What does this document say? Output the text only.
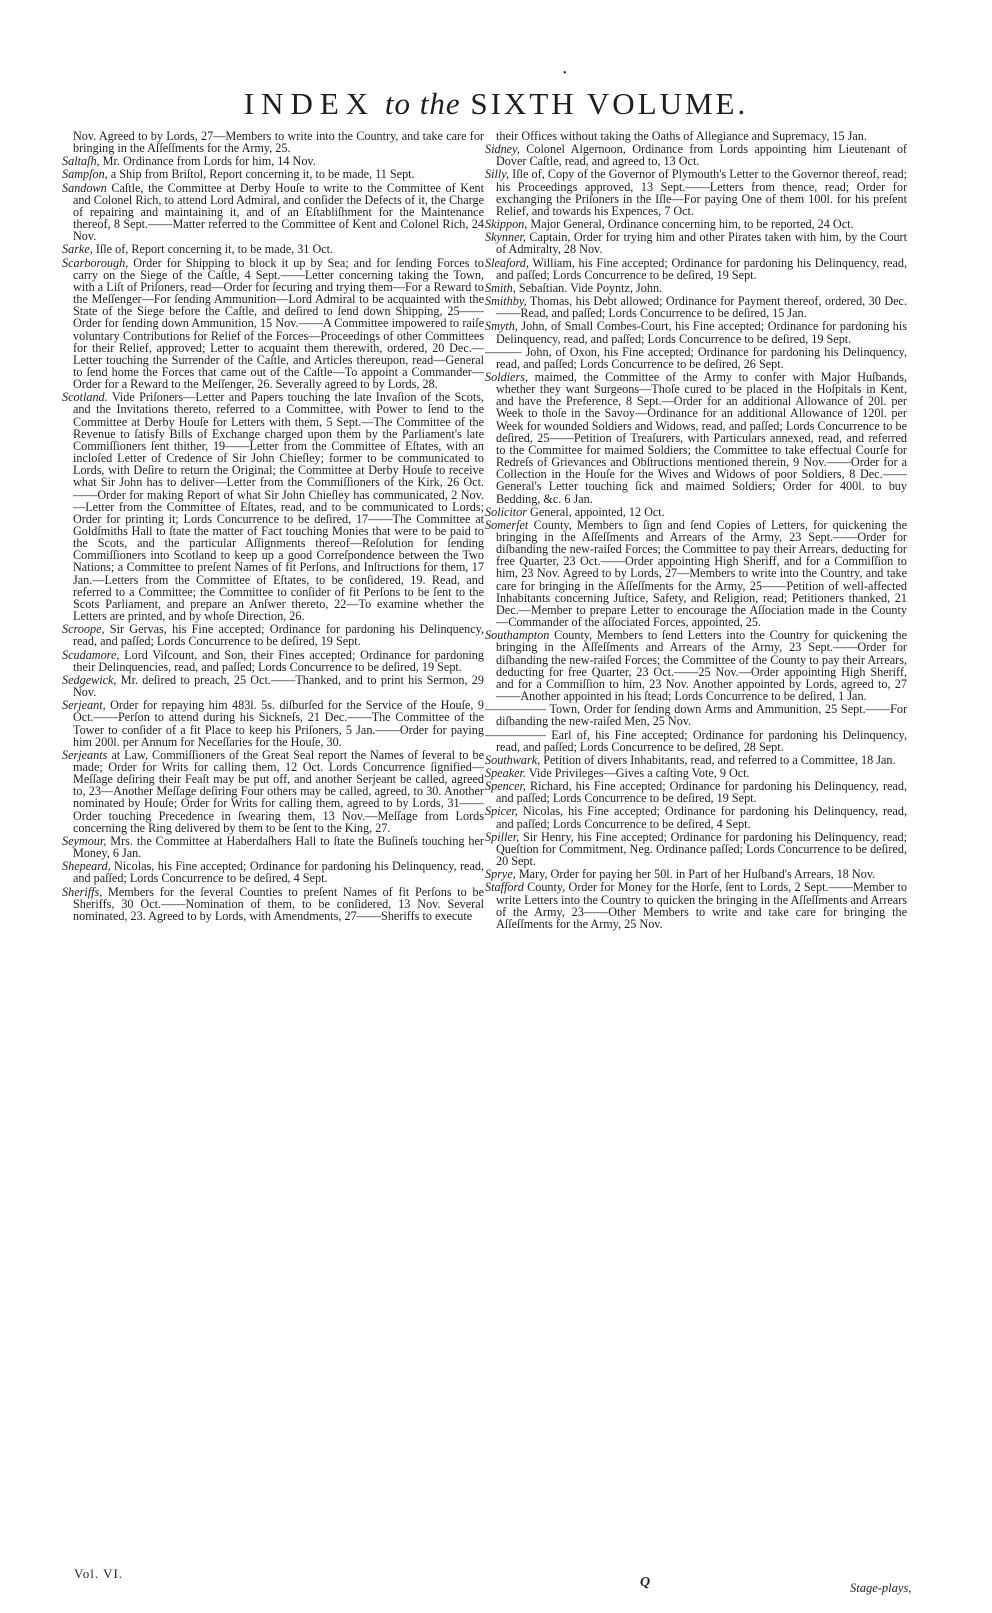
•
INDEX to the SIXTH VOLUME.

Nov. Agreed to by Lords, 27—Members to write into the Country, and take care for bringing in the Aſſeſſments for the Army, 25.

Saltaſh, Mr. Ordinance from Lords for him, 14 Nov.

Sampſon, a Ship from Briſtol, Report concerning it, to be made, 11 Sept.

Sandown Caſtle, the Committee at Derby Houſe to write to the Committee of Kent and Colonel Rich, to attend Lord Admiral, and conſider the Defects of it, the Charge of repairing and maintaining it, and of an Eſtabliſhment for the Maintenance thereof, 8 Sept.——Matter referred to the Committee of Kent and Colonel Rich, 24 Nov.

Sarke, Iſle of, Report concerning it, to be made, 31 Oct.

Scarborough, Order for Shipping to block it up by Sea; and for ſending Forces to carry on the Siege of the Caſtle, 4 Sept.——Letter concerning taking the Town, with a Liſt of Priſoners, read—Order for ſecuring and trying them—For a Reward to the Meſſenger—For ſending Ammunition—Lord Admiral to be acquainted with the State of the Siege before the Caſtle, and deſired to ſend down Shipping, 25——Order for ſending down Ammunition, 15 Nov.——A Committee impowered to raiſe voluntary Contributions for Relief of the Forces—Proceedings of other Committees for their Relief, approved; Letter to acquaint them therewith, ordered, 20 Dec.—Letter touching the Surrender of the Caſtle, and Articles thereupon, read—General to ſend home the Forces that came out of the Caſtle—To appoint a Commander—Order for a Reward to the Meſſenger, 26. Severally agreed to by Lords, 28.

Scotland. Vide Priſoners—Letter and Papers touching the late Invaſion of the Scots, and the Invitations thereto, referred to a Committee, with Power to ſend to the Committee at Derby Houſe for Letters with them, 5 Sept.—The Committee of the Revenue to ſatisfy Bills of Exchange charged upon them by the Parliament's late Commiſſioners ſent thither, 19——Letter from the Committee of Eſtates, with an incloſed Letter of Credence of Sir John Chieſley; former to be communicated to Lords, with Deſire to return the Original; the Committee at Derby Houſe to receive what Sir John has to deliver—Letter from the Commiſſioners of the Kirk, 26 Oct.——Order for making Report of what Sir John Chieſley has communicated, 2 Nov.—Letter from the Committee of Eſtates, read, and to be communicated to Lords; Order for printing it; Lords Concurrence to be deſired, 17——The Committee at Goldſmiths Hall to ſtate the matter of Fact touching Monies that were to be paid to the Scots, and the particular Aſſignments thereof—Reſolution for ſending Commiſſioners into Scotland to keep up a good Correſpondence between the Two Nations; a Committee to preſent Names of fit Perſons, and Inſtructions for them, 17 Jan.—Letters from the Committee of Eſtates, to be conſidered, 19. Read, and referred to a Committee; the Committee to conſider of fit Perſons to be ſent to the Scots Parliament, and prepare an Anſwer thereto, 22—To examine whether the Letters are printed, and by whoſe Direction, 26.

Scroope, Sir Gervas, his Fine accepted; Ordinance for pardoning his Delinquency, read, and paſſed; Lords Concurrence to be deſired, 19 Sept.

Scudamore, Lord Viſcount, and Son, their Fines accepted; Ordinance for pardoning their Delinquencies, read, and paſſed; Lords Concurrence to be deſired, 19 Sept.

Sedgewick, Mr. deſired to preach, 25 Oct.——Thanked, and to print his Sermon, 29 Nov.

Serjeant, Order for repaying him 483l. 5s. diſburſed for the Service of the Houſe, 9 Oct.——Perſon to attend during his Sickneſs, 21 Dec.——The Committee of the Tower to conſider of a fit Place to keep his Priſoners, 5 Jan.——Order for paying him 200l. per Annum for Neceſſaries for the Houſe, 30.

Serjeants at Law, Commiſſioners of the Great Seal report the Names of ſeveral to be made; Order for Writs for calling them, 12 Oct. Lords Concurrence ſignified—Meſſage deſiring their Feaſt may be put off, and another Serjeant be called, agreed to, 23—Another Meſſage deſiring Four others may be called, agreed, to 30. Another nominated by Houſe; Order for Writs for calling them, agreed to by Lords, 31——Order touching Precedence in ſwearing them, 13 Nov.—Meſſage from Lords concerning the Ring delivered by them to be ſent to the King, 27.

Seymour, Mrs. the Committee at Haberdaſhers Hall to ſtate the Buſineſs touching her Money, 6 Jan.

Shepeard, Nicolas, his Fine accepted; Ordinance for pardoning his Delinquency, read, and paſſed; Lords Concurrence to be deſired, 4 Sept.

Sheriffs, Members for the ſeveral Counties to preſent Names of fit Perſons to be Sheriffs, 30 Oct.——Nomination of them, to be conſidered, 13 Nov. Several nominated, 23. Agreed to by Lords, with Amendments, 27——Sheriffs to execute

their Offices without taking the Oaths of Allegiance and Supremacy, 15 Jan.

Sidney, Colonel Algernoon, Ordinance from Lords appointing him Lieutenant of Dover Caſtle, read, and agreed to, 13 Oct.

Silly, Iſle of, Copy of the Governor of Plymouth's Letter to the Governor thereof, read; his Proceedings approved, 13 Sept.——Letters from thence, read; Order for exchanging the Priſoners in the Iſle—For paying One of them 100l. for his preſent Relief, and towards his Expences, 7 Oct.

Skippon, Major General, Ordinance concerning him, to be reported, 24 Oct.

Skynner, Captain, Order for trying him and other Pirates taken with him, by the Court of Admiralty, 28 Nov.

Sleaford, William, his Fine accepted; Ordinance for pardoning his Delinquency, read, and paſſed; Lords Concurrence to be deſired, 19 Sept.

Smith, Sebaſtian. Vide Poyntz, John.

Smithby, Thomas, his Debt allowed; Ordinance for Payment thereof, ordered, 30 Dec.——Read, and paſſed; Lords Concurrence to be deſired, 15 Jan.

Smyth, John, of Small Combes-Court, his Fine accepted; Ordinance for pardoning his Delinquency, read, and paſſed; Lords Concurrence to be deſired, 19 Sept.

——— John, of Oxon, his Fine accepted; Ordinance for pardoning his Delinquency, read, and paſſed; Lords Concurrence to be deſired, 26 Sept.

Soldiers, maimed, the Committee of the Army to confer with Major Huſbands, whether they want Surgeons—Thoſe cured to be placed in the Hoſpitals in Kent, and have the Preference, 8 Sept.—Order for an additional Allowance of 20l. per Week to thoſe in the Savoy—Ordinance for an additional Allowance of 120l. per Week for wounded Soldiers and Widows, read, and paſſed; Lords Concurrence to be deſired, 25——Petition of Treaſurers, with Particulars annexed, read, and referred to the Committee for maimed Soldiers; the Committee to take effectual Courſe for Redreſs of Grievances and Obſtructions mentioned therein, 9 Nov.——Order for a Collection in the Houſe for the Wives and Widows of poor Soldiers, 8 Dec.——General's Letter touching ſick and maimed Soldiers; Order for 400l. to buy Bedding, &c. 6 Jan.

Solicitor General, appointed, 12 Oct.

Somerſet County, Members to ſign and ſend Copies of Letters, for quickening the bringing in the Aſſeſſments and Arrears of the Army, 23 Sept.——Order for diſbanding the new-raiſed Forces; the Committee to pay their Arrears, deducting for free Quarter, 23 Oct.——Order appointing High Sheriff, and for a Commiſſion to him, 23 Nov. Agreed to by Lords, 27—Members to write into the Country, and take care for bringing in the Aſſeſſments for the Army, 25——Petition of well-affected Inhabitants concerning Juſtice, Safety, and Religion, read; Petitioners thanked, 21 Dec.—Member to prepare Letter to encourage the Aſſociation made in the County—Commander of the aſſociated Forces, appointed, 25.

Southampton County, Members to ſend Letters into the Country for quickening the bringing in the Aſſeſſments and Arrears of the Army, 23 Sept.——Order for diſbanding the new-raiſed Forces; the Committee of the County to pay their Arrears, deducting for free Quarter, 23 Oct.——25 Nov.—Order appointing High Sheriff, and for a Commiſſion to him, 23 Nov. Another appointed by Lords, agreed to, 27——Another appointed in his ſtead; Lords Concurrence to be deſired, 1 Jan.

————— Town, Order for ſending down Arms and Ammunition, 25 Sept.——For diſbanding the new-raiſed Men, 25 Nov.

————— Earl of, his Fine accepted; Ordinance for pardoning his Delinquency, read, and paſſed; Lords Concurrence to be deſired, 28 Sept.

Southwark, Petition of divers Inhabitants, read, and referred to a Committee, 18 Jan.

Speaker. Vide Privileges—Gives a caſting Vote, 9 Oct.

Spencer, Richard, his Fine accepted; Ordinance for pardoning his Delinquency, read, and paſſed; Lords Concurrence to be deſired, 19 Sept.

Spicer, Nicolas, his Fine accepted; Ordinance for pardoning his Delinquency, read, and paſſed; Lords Concurrence to be deſired, 4 Sept.

Spiller, Sir Henry, his Fine accepted; Ordinance for pardoning his Delinquency, read; Queſtion for Commitment, Neg. Ordinance paſſed; Lords Concurrence to be deſired, 20 Sept.

Sprye, Mary, Order for paying her 50l. in Part of her Huſband's Arrears, 18 Nov.

Stafford County, Order for Money for the Horſe, ſent to Lords, 2 Sept.——Member to write Letters into the Country to quicken the bringing in the Aſſeſſments and Arrears of the Army, 23——Other Members to write and take care for bringing the Aſſeſſments for the Army, 25 Nov.

Vol. VI.
Q	Stage-plays,
